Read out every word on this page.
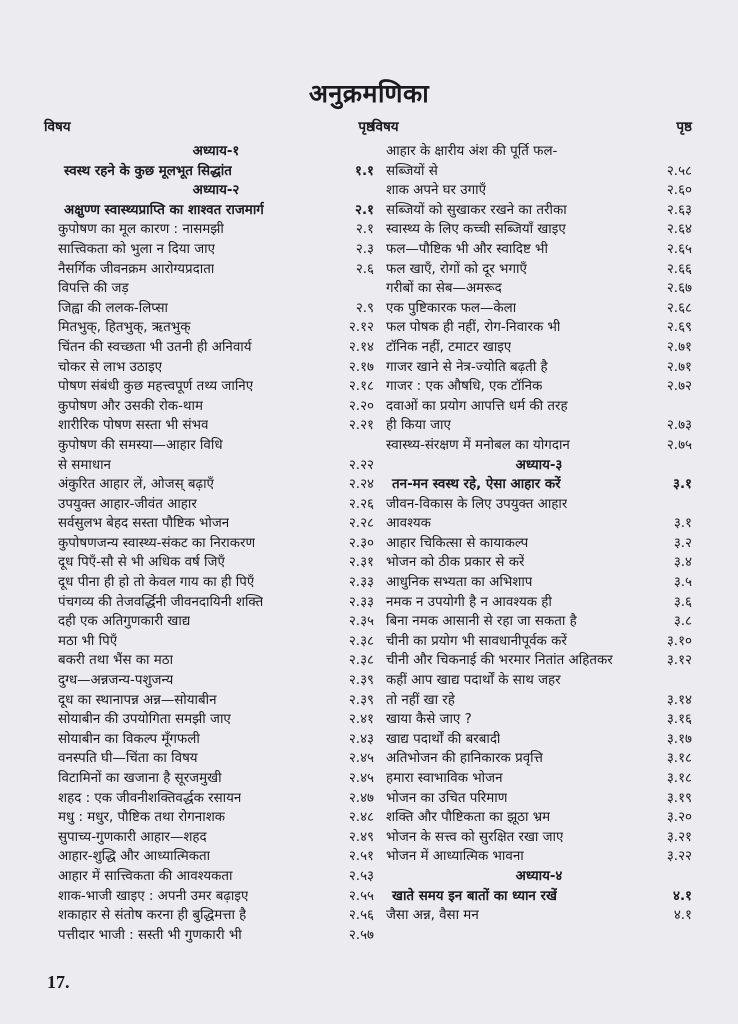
अनुक्रमणिका
विषय	पृष्ठ
अध्याय-१
स्वस्थ रहने के कुछ मूलभूत सिद्धांत	१.१
अध्याय-२
अक्षुण्ण स्वास्थ्यप्राप्ति का शाश्वत राजमार्ग	२.१
कुपोषण का मूल कारण : नासमझी	२.१
सात्त्विकता को भुला न दिया जाए	२.३
नैसर्गिक जीवनक्रम आरोग्यप्रदाता	२.६
विपत्ति की जड़
जिह्वा की ललक-लिप्सा	२.९
मितभुक्, हितभुक्, ऋतभुक्	२.१२
चिंतन की स्वच्छता भी उतनी ही अनिवार्य	२.१४
चोकर से लाभ उठाइए	२.१७
पोषण संबंधी कुछ महत्त्वपूर्ण तथ्य जानिए	२.१८
कुपोषण और उसकी रोक-थाम	२.२०
शारीरिक पोषण सस्ता भी संभव	२.२१
कुपोषण की समस्या—आहार विधि
से समाधान	२.२२
अंकुरित आहार लें, ओजस् बढ़ाएँ	२.२४
उपयुक्त आहार-जीवंत आहार	२.२६
सर्वसुलभ बेहद सस्ता पौष्टिक भोजन	२.२८
कुपोषणजन्य स्वास्थ्य-संकट का निराकरण	२.३०
दूध पिएँ-सौ से भी अधिक वर्ष जिएँ	२.३१
दूध पीना ही हो तो केवल गाय का ही पिएँ	२.३३
पंचगव्य की तेजवर्द्धिनी जीवनदायिनी शक्ति	२.३३
दही एक अतिगुणकारी खाद्य	२.३५
मठा भी पिएँ	२.३८
बकरी तथा भैंस का मठा	२.३८
दुग्ध—अन्नजन्य-पशुजन्य	२.३९
दूध का स्थानापन्न अन्न—सोयाबीन	२.३९
सोयाबीन की उपयोगिता समझी जाए	२.४१
सोयाबीन का विकल्प मूँगफली	२.४३
वनस्पति घी—चिंता का विषय	२.४५
विटामिनों का खजाना है सूरजमुखी	२.४५
शहद : एक जीवनीशक्तिवर्द्धक रसायन	२.४७
मधु : मधुर, पौष्टिक तथा रोगनाशक	२.४८
सुपाच्य-गुणकारी आहार—शहद	२.४९
आहार-शुद्धि और आध्यात्मिकता	२.५१
आहार में सात्त्विकता की आवश्यकता	२.५३
शाक-भाजी खाइए : अपनी उमर बढ़ाइए	२.५५
शकाहार से संतोष करना ही बुद्धिमत्ता है	२.५६
पत्तीदार भाजी : सस्ती भी गुणकारी भी	२.५७
विषय	पृष्ठ
आहार के क्षारीय अंश की पूर्ति फल-
सब्जियों से	२.५८
शाक अपने घर उगाएँ	२.६०
सब्जियों को सुखाकर रखने का तरीका	२.६३
स्वास्थ्य के लिए कच्ची सब्जियाँ खाइए	२.६४
फल—पौष्टिक भी और स्वादिष्ट भी	२.६५
फल खाएँ, रोगों को दूर भगाएँ	२.६६
गरीबों का सेब—अमरूद	२.६७
एक पुष्टिकारक फल—केला	२.६८
फल पोषक ही नहीं, रोग-निवारक भी	२.६९
टॉनिक नहीं, टमाटर खाइए	२.७१
गाजर खाने से नेत्र-ज्योति बढ़ती है	२.७१
गाजर : एक औषधि, एक टॉनिक	२.७२
दवाओं का प्रयोग आपत्ति धर्म की तरह
ही किया जाए	२.७३
स्वास्थ्य-संरक्षण में मनोबल का योगदान	२.७५
अध्याय-३
तन-मन स्वस्थ रहे, ऐसा आहार करें	३.१
जीवन-विकास के लिए उपयुक्त आहार
आवश्यक	३.१
आहार चिकित्सा से कायाकल्प	३.२
भोजन को ठीक प्रकार से करें	३.४
आधुनिक सभ्यता का अभिशाप	३.५
नमक न उपयोगी है न आवश्यक ही	३.६
बिना नमक आसानी से रहा जा सकता है	३.८
चीनी का प्रयोग भी सावधानीपूर्वक करें	३.१०
चीनी और चिकनाई की भरमार नितांत अहितकर	३.१२
कहीं आप खाद्य पदार्थों के साथ जहर
तो नहीं खा रहे	३.१४
खाया कैसे जाए ?	३.१६
खाद्य पदार्थों की बरबादी	३.१७
अतिभोजन की हानिकारक प्रवृत्ति	३.१८
हमारा स्वाभाविक भोजन	३.१८
भोजन का उचित परिमाण	३.१९
शक्ति और पौष्टिकता का झूठा भ्रम	३.२०
भोजन के सत्त्व को सुरक्षित रखा जाए	३.२१
भोजन में आध्यात्मिक भावना	३.२२
अध्याय-४
खाते समय इन बातों का ध्यान रखें	४.१
जैसा अन्न, वैसा मन	४.१
17.
